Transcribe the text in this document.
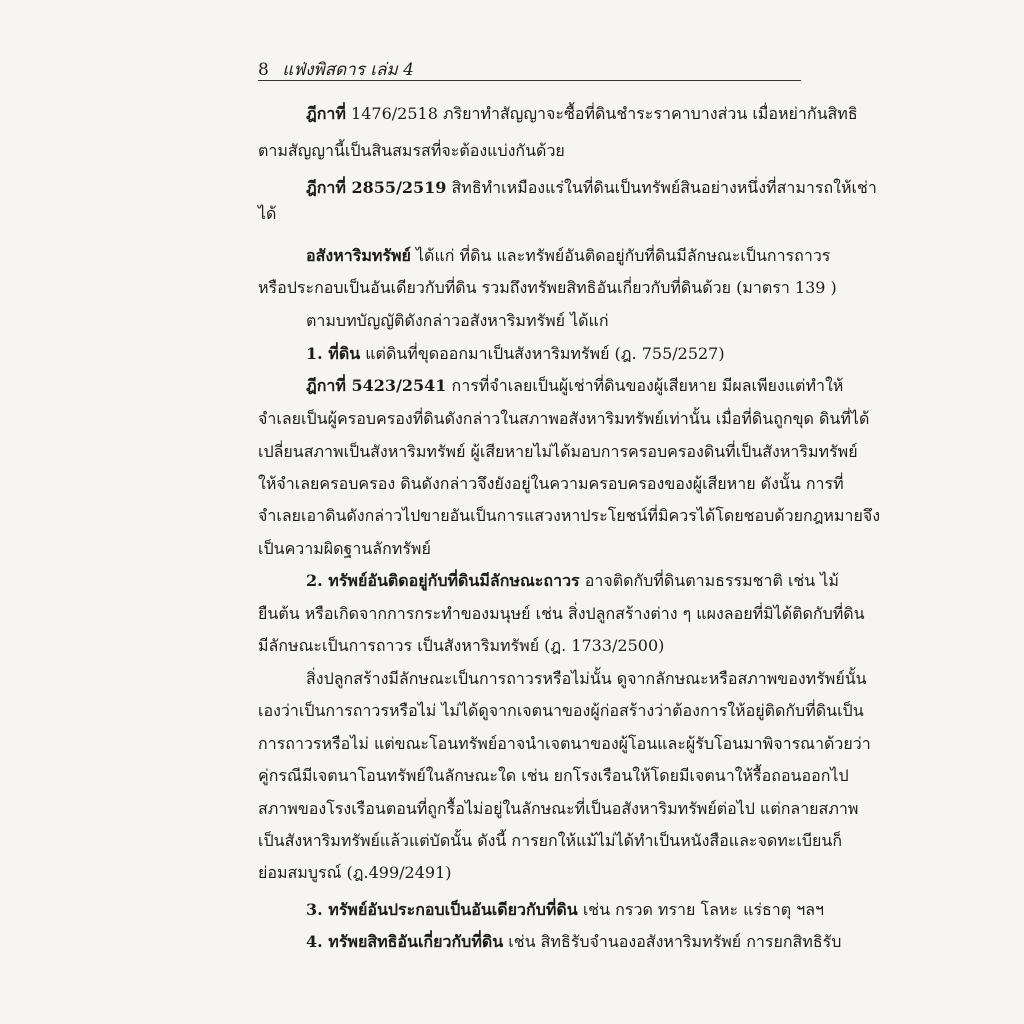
8 แฟ่งพิสดาร เล่ม 4
ฎีกาที่ 1476/2518 ภริยาทำสัญญาจะซื้อที่ดินชำระราคาบางส่วน เมื่อหย่ากันสิทธิ
ตามสัญญานี้เป็นสินสมรสที่จะต้องแบ่งกันด้วย
ฎีกาที่ 2855/2519 สิทธิทำเหมืองแร่ในที่ดินเป็นทรัพย์สินอย่างหนึ่งที่สามารถให้เช่า
ได้
อสังหาริมทรัพย์ ได้แก่ ที่ดิน และทรัพย์อันติดอยู่กับที่ดินมีลักษณะเป็นการถาวร
หรือประกอบเป็นอันเดียวกับที่ดิน รวมถึงทรัพยสิทธิอันเกี่ยวกับที่ดินด้วย (มาตรา 139 )
ตามบทบัญญัติดังกล่าวอสังหาริมทรัพย์ ได้แก่
1. ที่ดิน แต่ดินที่ขุดออกมาเป็นสังหาริมทรัพย์ (ฎ. 755/2527)
ฎีกาที่ 5423/2541 การที่จำเลยเป็นผู้เช่าที่ดินของผู้เสียหาย มีผลเพียงแต่ทำให้
จำเลยเป็นผู้ครอบครองที่ดินดังกล่าวในสภาพอสังหาริมทรัพย์เท่านั้น เมื่อที่ดินถูกขุด ดินที่ได้
เปลี่ยนสภาพเป็นสังหาริมทรัพย์ ผู้เสียหายไม่ได้มอบการครอบครองดินที่เป็นสังหาริมทรัพย์
ให้จำเลยครอบครอง ดินดังกล่าวจึงยังอยู่ในความครอบครองของผู้เสียหาย ดังนั้น การที่
จำเลยเอาดินดังกล่าวไปขายอันเป็นการแสวงหาประโยชน์ที่มิควรได้โดยชอบด้วยกฎหมายจึง
เป็นความผิดฐานลักทรัพย์
2. ทรัพย์อันติดอยู่กับที่ดินมีลักษณะถาวร อาจติดกับที่ดินตามธรรมชาติ เช่น ไม้
ยืนต้น หรือเกิดจากการกระทำของมนุษย์ เช่น สิ่งปลูกสร้างต่าง ๆ แผงลอยที่มิได้ติดกับที่ดิน
มีลักษณะเป็นการถาวร เป็นสังหาริมทรัพย์ (ฎ. 1733/2500)
สิ่งปลูกสร้างมีลักษณะเป็นการถาวรหรือไม่นั้น ดูจากลักษณะหรือสภาพของทรัพย์นั้น
เองว่าเป็นการถาวรหรือไม่ ไม่ได้ดูจากเจตนาของผู้ก่อสร้างว่าต้องการให้อยู่ติดกับที่ดินเป็น
การถาวรหรือไม่ แต่ขณะโอนทรัพย์อาจนำเจตนาของผู้โอนและผู้รับโอนมาพิจารณาด้วยว่า
คู่กรณีมีเจตนาโอนทรัพย์ในลักษณะใด เช่น ยกโรงเรือนให้โดยมีเจตนาให้รื้อถอนออกไป
สภาพของโรงเรือนตอนที่ถูกรื้อไม่อยู่ในลักษณะที่เป็นอสังหาริมทรัพย์ต่อไป แต่กลายสภาพ
เป็นสังหาริมทรัพย์แล้วแต่บัดนั้น ดังนี้ การยกให้แม้ไม่ได้ทำเป็นหนังสือและจดทะเบียนก็
ย่อมสมบูรณ์ (ฎ.499/2491)
3. ทรัพย์อันประกอบเป็นอันเดียวกับที่ดิน เช่น กรวด ทราย โลหะ แร่ธาตุ ฯลฯ
4. ทรัพยสิทธิอันเกี่ยวกับที่ดิน เช่น สิทธิรับจำนองอสังหาริมทรัพย์ การยกสิทธิรับ
